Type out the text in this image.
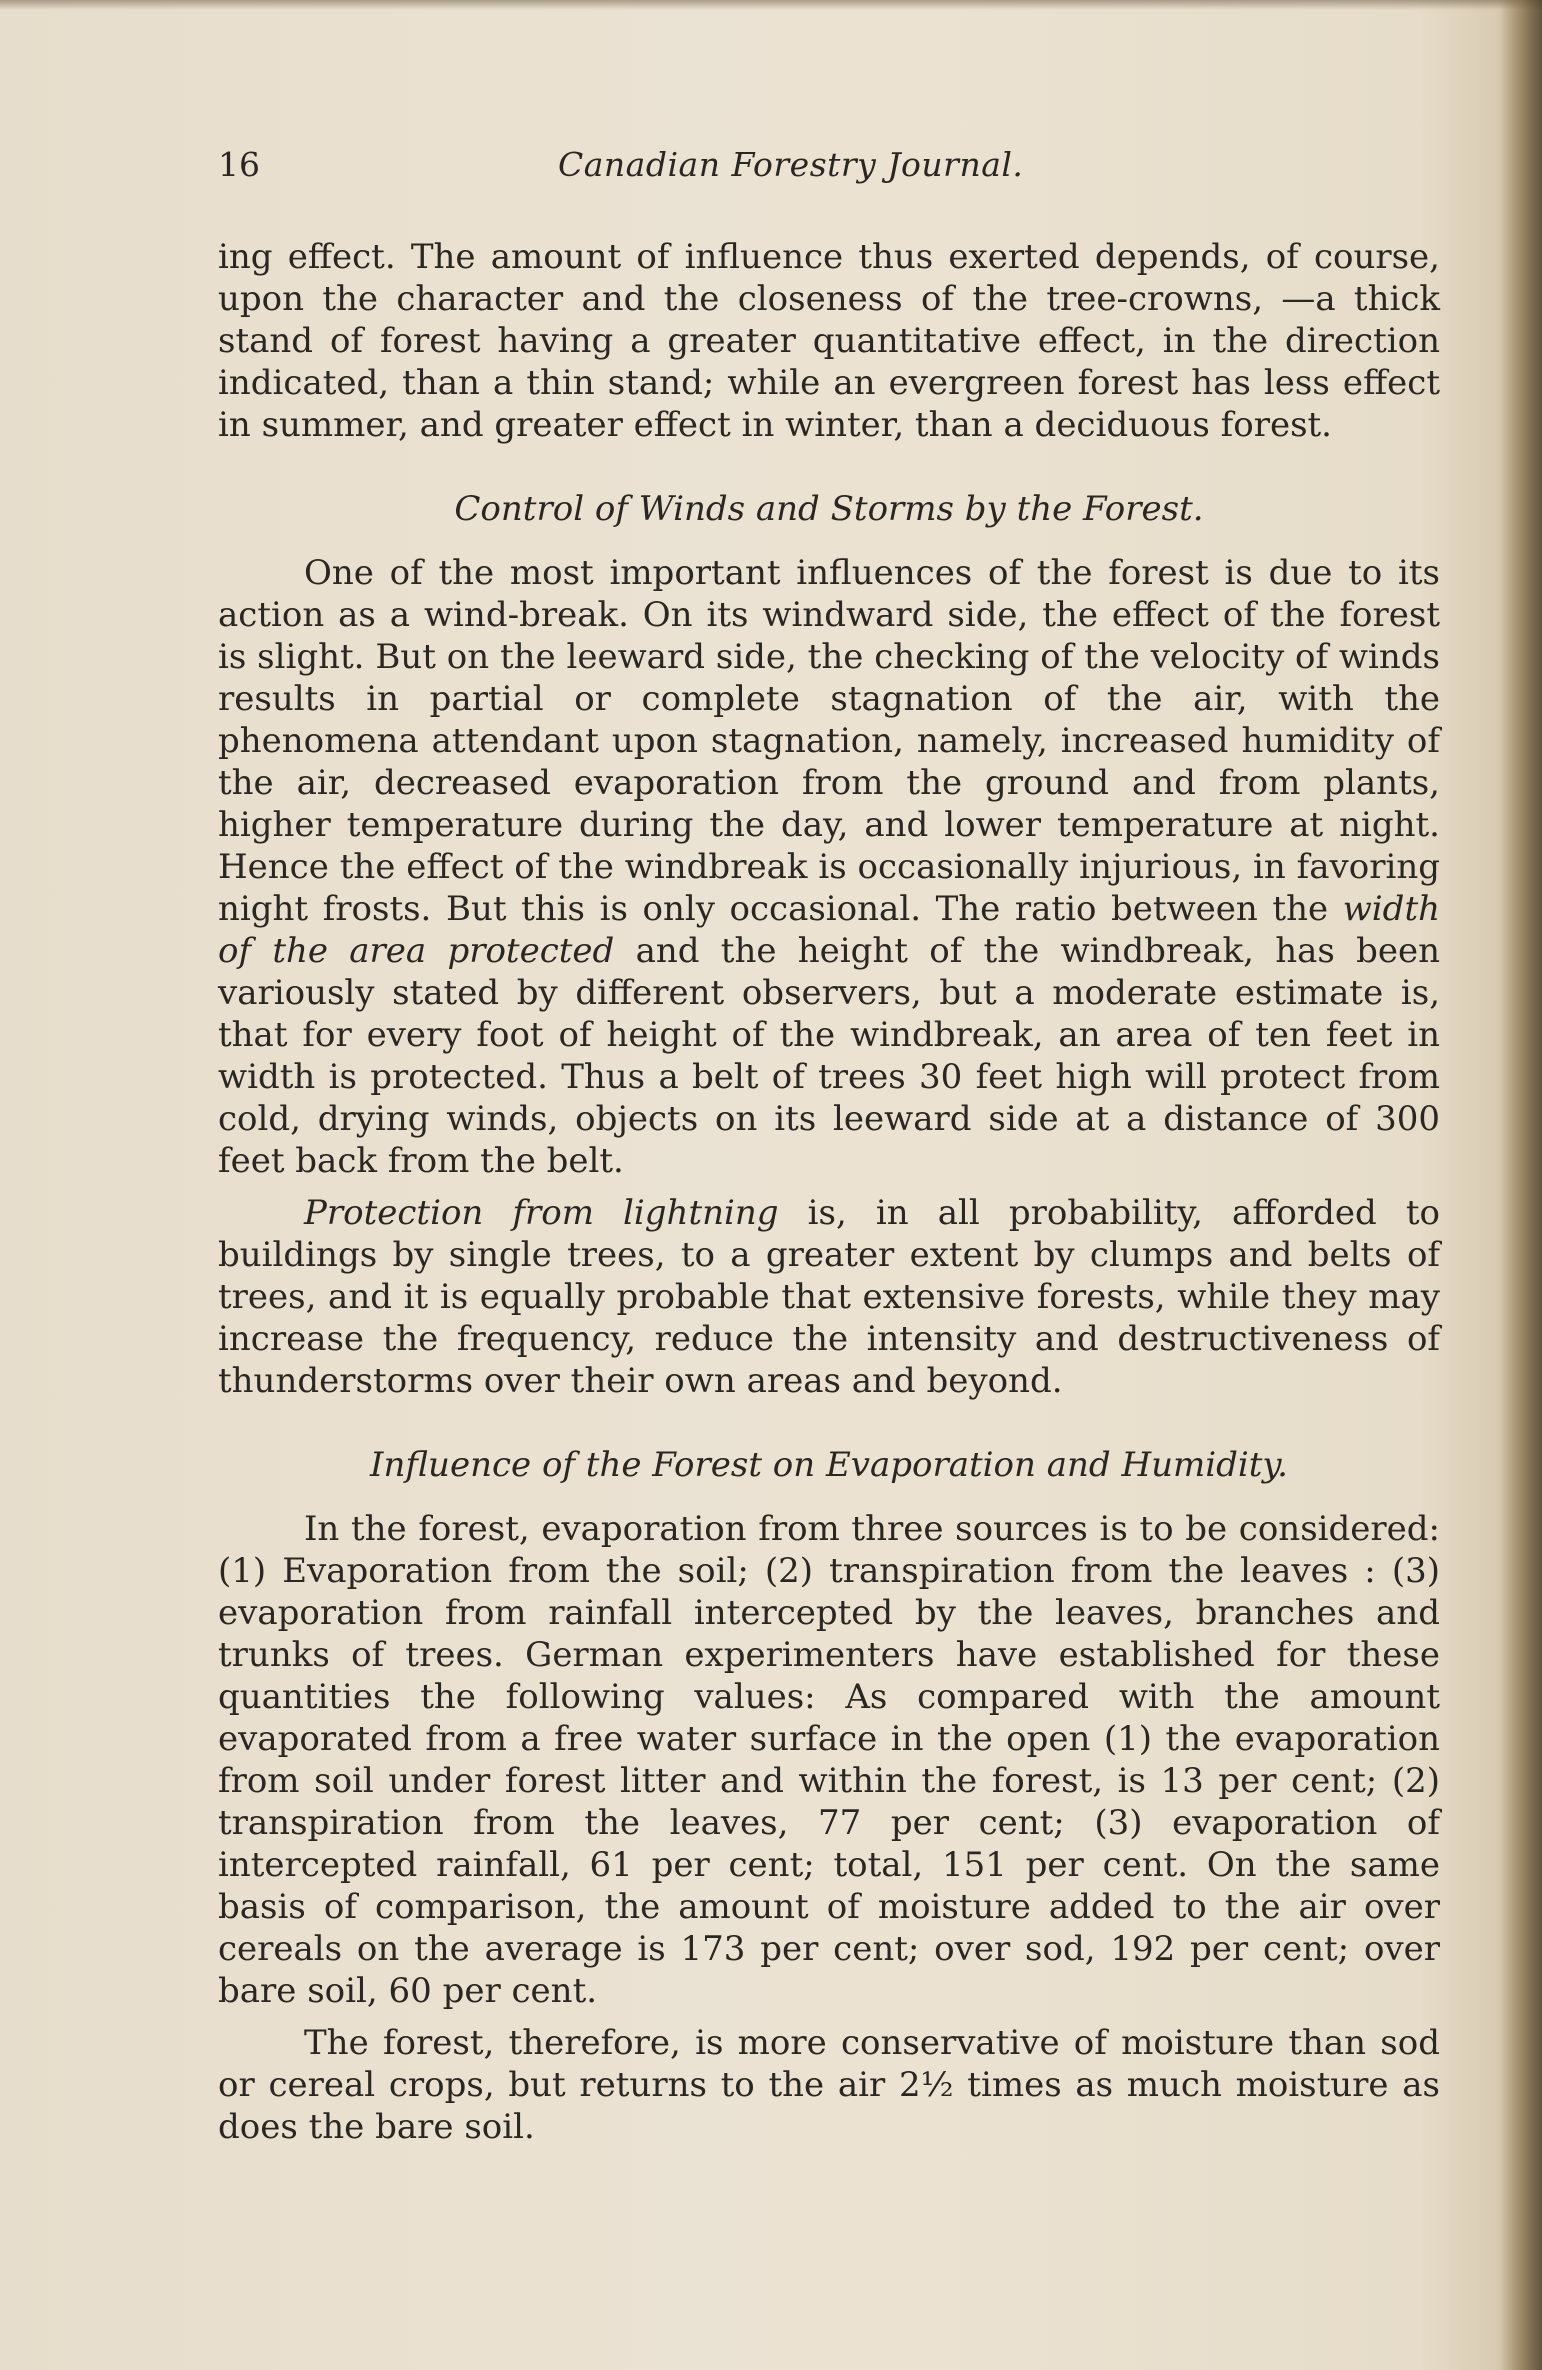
16	Canadian Forestry Journal.

ing effect. The amount of influence thus exerted depends, of course, upon the character and the closeness of the tree-crowns, —a thick stand of forest having a greater quantitative effect, in the direction indicated, than a thin stand; while an evergreen forest has less effect in summer, and greater effect in winter, than a deciduous forest.

Control of Winds and Storms by the Forest.

One of the most important influences of the forest is due to its action as a wind-break. On its windward side, the effect of the forest is slight. But on the leeward side, the checking of the velocity of winds results in partial or complete stagnation of the air, with the phenomena attendant upon stagnation, namely, increased humidity of the air, decreased evaporation from the ground and from plants, higher temperature during the day, and lower temperature at night. Hence the effect of the windbreak is occasionally injurious, in favoring night frosts. But this is only occasional. The ratio between the width of the area protected and the height of the windbreak, has been variously stated by different observers, but a moderate estimate is, that for every foot of height of the windbreak, an area of ten feet in width is protected. Thus a belt of trees 30 feet high will protect from cold, drying winds, objects on its leeward side at a distance of 300 feet back from the belt.

Protection from lightning is, in all probability, afforded to buildings by single trees, to a greater extent by clumps and belts of trees, and it is equally probable that extensive forests, while they may increase the frequency, reduce the intensity and destructiveness of thunderstorms over their own areas and beyond.

Influence of the Forest on Evaporation and Humidity.

In the forest, evaporation from three sources is to be considered: (1) Evaporation from the soil; (2) transpiration from the leaves : (3) evaporation from rainfall intercepted by the leaves, branches and trunks of trees. German experimenters have established for these quantities the following values: As compared with the amount evaporated from a free water surface in the open (1) the evaporation from soil under forest litter and within the forest, is 13 per cent; (2) transpiration from the leaves, 77 per cent; (3) evaporation of intercepted rainfall, 61 per cent; total, 151 per cent. On the same basis of comparison, the amount of moisture added to the air over cereals on the average is 173 per cent; over sod, 192 per cent; over bare soil, 60 per cent.

The forest, therefore, is more conservative of moisture than sod or cereal crops, but returns to the air 2½ times as much moisture as does the bare soil.
